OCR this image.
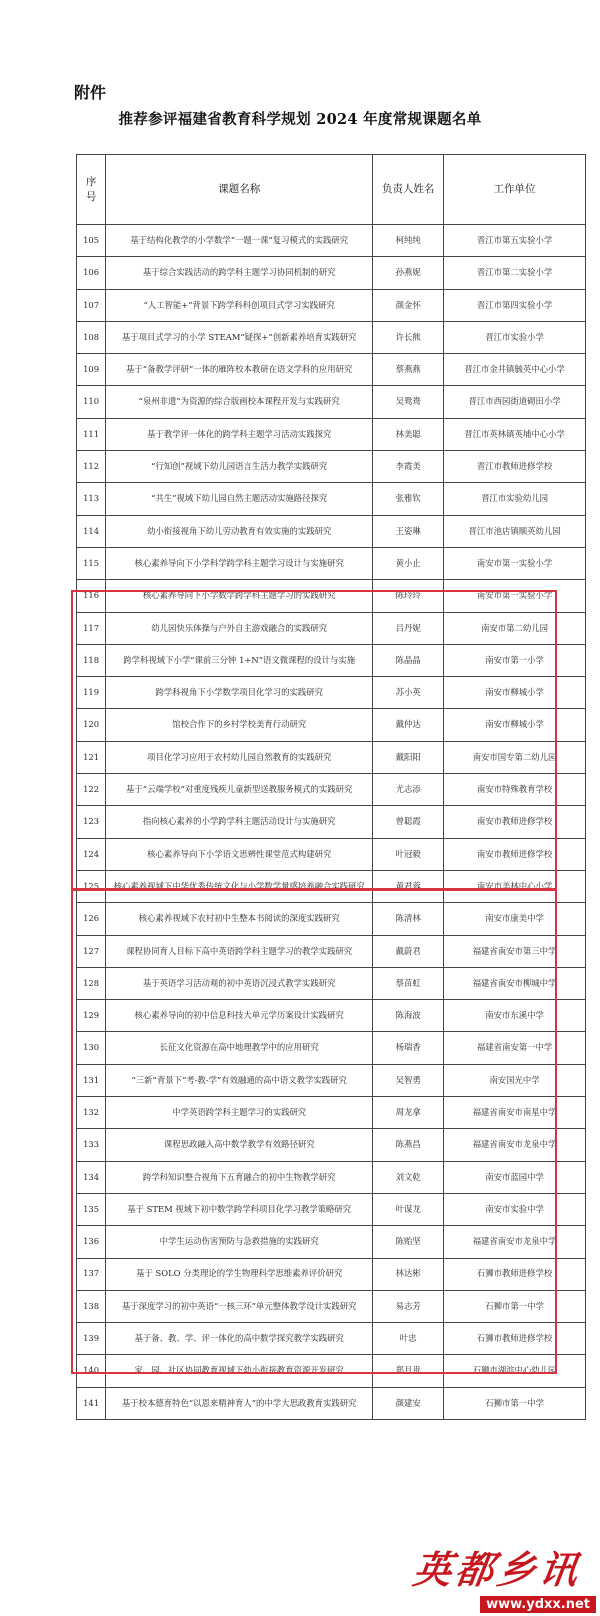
附件
推荐参评福建省教育科学规划 2024 年度常规课题名单
序
号	课题名称	负责人姓名	工作单位
105	基于结构化教学的小学数学“一题一课”复习模式的实践研究	柯纯纯	晋江市第五实验小学
106	基于综合实践活动的跨学科主题学习协同机制的研究	孙燕妮	晋江市第二实验小学
107	“人工智能+”背景下跨学科科创项目式学习实践研究	颜金怀	晋江市第四实验小学
108	基于项目式学习的小学 STEAM“疑探+”创新素养培育实践研究	许长熊	晋江市实验小学
109	基于“备教学评研”一体的雁阵校本教研在语文学科的应用研究	蔡燕燕	晋江市金井镇毓英中心小学
110	“泉州非遗”为资源的综合版画校本课程开发与实践研究	吴鸳鸯	晋江市西园街道砌田小学
111	基于教学评一体化的跨学科主题学习活动实践探究	林美聪	晋江市英林镇英埔中心小学
112	“行知创”视域下幼儿园语言生活力教学实践研究	李霞美	晋江市教师进修学校
113	“共生”视域下幼儿园自然主题活动实施路径探究	张雅钦	晋江市实验幼儿园
114	幼小衔接视角下幼儿劳动教育有效实施的实践研究	王姿琳	晋江市池店镇顺英幼儿园
115	核心素养导向下小学科学跨学科主题学习设计与实施研究	黄小止	南安市第一实验小学
116	核心素养导向下小学数学跨学科主题学习的实践研究	陈玲玲	南安市第一实验小学
117	幼儿园快乐体操与户外自主游戏融合的实践研究	吕丹妮	南安市第二幼儿园
118	跨学科视域下小学“课前三分钟 1+N”语文微课程的设计与实施	陈晶晶	南安市第一小学
119	跨学科视角下小学数学项目化学习的实践研究	苏小英	南安市柳城小学
120	馆校合作下的乡村学校美育行动研究	戴仲达	南安市柳城小学
121	项目化学习应用于农村幼儿园自然教育的实践研究	戴阳阳	南安市国专第二幼儿园
122	基于“云端学校”对重度残疾儿童新型送教服务模式的实践研究	尤志添	南安市特殊教育学校
123	指向核心素养的小学跨学科主题活动设计与实施研究	曾聪霞	南安市教师进修学校
124	核心素养导向下小学语文思辨性课堂范式构建研究	叶冠毅	南安市教师进修学校
125	核心素养视域下中华优秀传统文化与小学数学量感培养融合实践研究	黄君蓉	南安市美林中心小学
126	核心素养视域下农村初中生整本书阅读的深度实践研究	陈清林	南安市康美中学
127	课程协同育人目标下高中英语跨学科主题学习的教学实践研究	戴蔚君	福建省南安市第三中学
128	基于英语学习活动观的初中英语沉浸式教学实践研究	蔡苗虹	福建省南安市柳城中学
129	核心素养导向的初中信息科技大单元学历案设计实践研究	陈海波	南安市东溪中学
130	长征文化资源在高中地理教学中的应用研究	杨瑞香	福建省南安第一中学
131	“三新”背景下“考-教-学”有效融通的高中语文教学实践研究	吴智勇	南安国光中学
132	中学英语跨学科主题学习的实践研究	周龙拿	福建省南安市南星中学
133	课程思政融入高中数学教学有效路径研究	陈燕昌	福建省南安市龙泉中学
134	跨学科知识整合视角下五育融合的初中生物教学研究	刘文乾	南安市蓝园中学
135	基于 STEM 视域下初中数学跨学科项目化学习教学策略研究	叶谋龙	南安市实验中学
136	中学生运动伤害预防与急救措施的实践研究	陈贻坚	福建省南安市龙泉中学
137	基于 SOLO 分类理论的学生物理科学思维素养评价研究	林达彬	石狮市教师进修学校
138	基于深度学习的初中英语“一核三环”单元整体教学设计实践研究	易志芳	石狮市第一中学
139	基于备、教、学、评一体化的高中数学探究教学实践研究	叶忠	石狮市教师进修学校
140	家、园、社区协同教育视域下幼小衔接教育资源开发研究	郑月贵	石狮市湖滨中心幼儿园
141	基于校本德育特色“以恩来精神育人”的中学大思政教育实践研究	颜建安	石狮市第一中学
英都乡讯
www.ydxx.net
